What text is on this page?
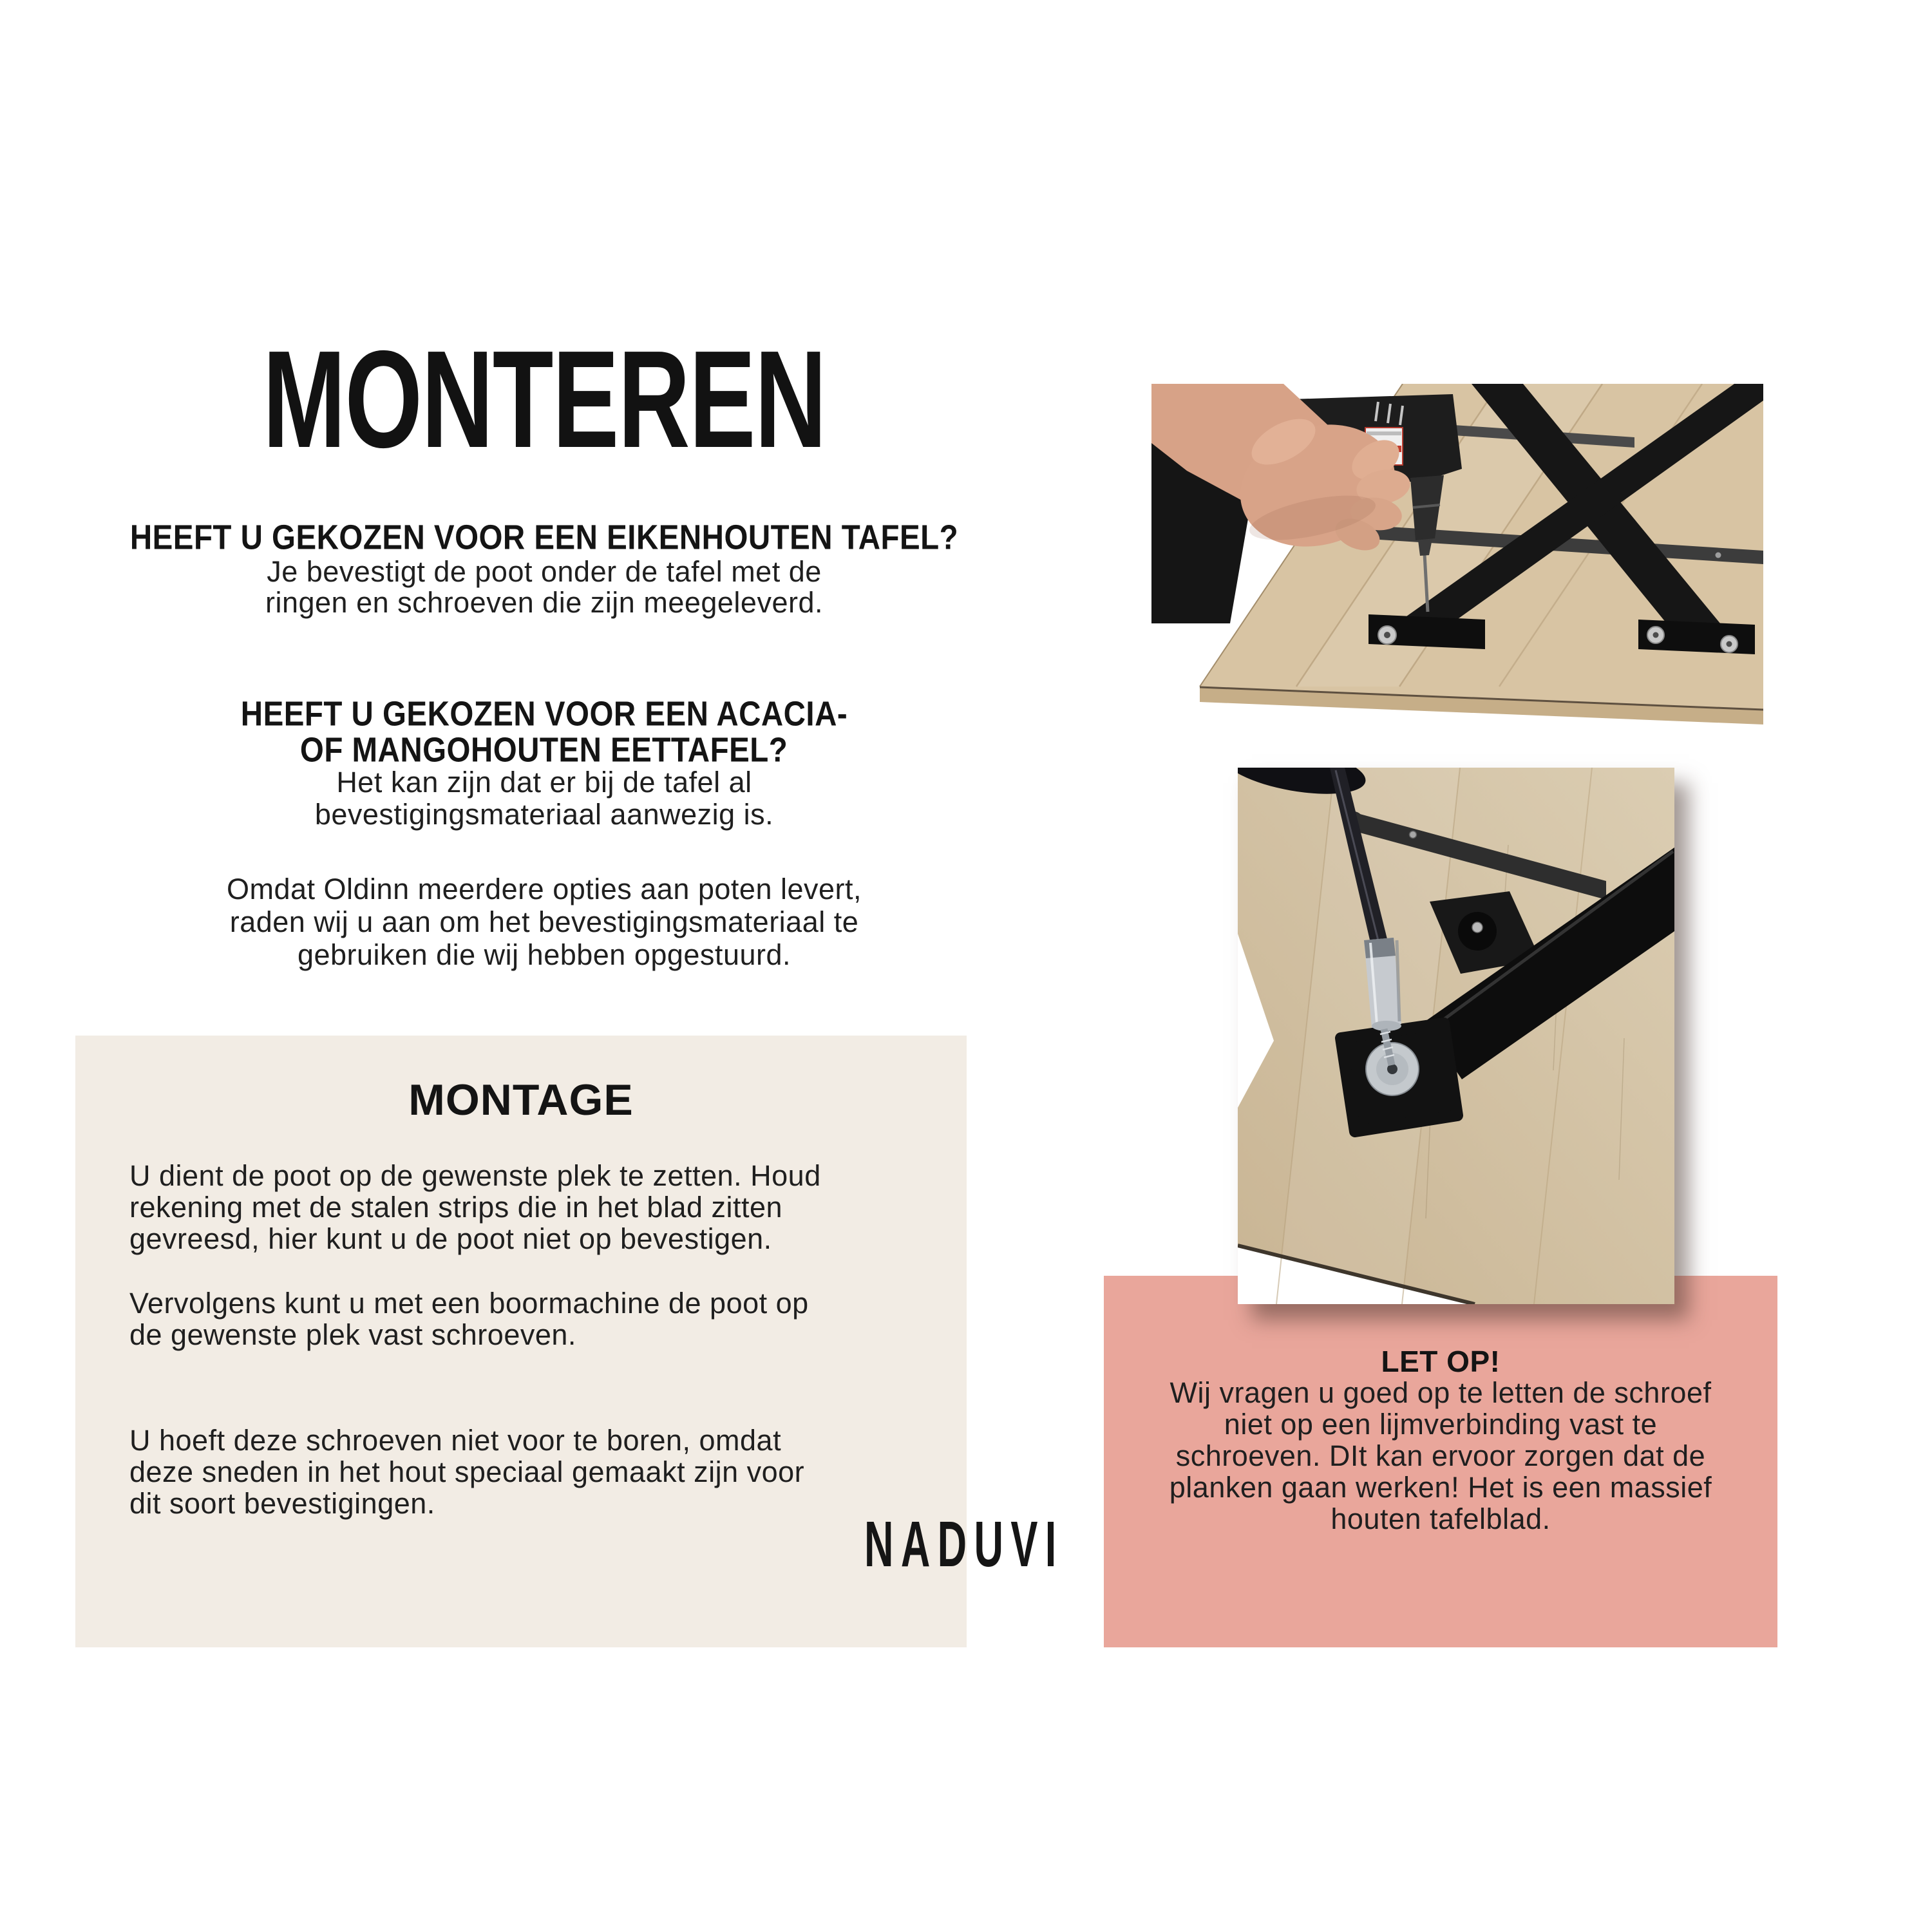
MONTEREN
HEEFT U GEKOZEN VOOR EEN EIKENHOUTEN TAFEL?
Je bevestigt de poot onder de tafel met de
ringen en schroeven die zijn meegeleverd.
HEEFT U GEKOZEN VOOR EEN ACACIA-
OF MANGOHOUTEN EETTAFEL?
Het kan zijn dat er bij de tafel al
bevestigingsmateriaal aanwezig is.
Omdat Oldinn meerdere opties aan poten levert,
raden wij u aan om het bevestigingsmateriaal te
gebruiken die wij hebben opgestuurd.
MONTAGE
U dient de poot op de gewenste plek te zetten. Houd
rekening met de stalen strips die in het blad zitten
gevreesd, hier kunt u de poot niet op bevestigen.
Vervolgens kunt u met een boormachine de poot op
de gewenste plek vast schroeven.
U hoeft deze schroeven niet voor te boren, omdat
deze sneden in het hout speciaal gemaakt zijn voor
dit soort bevestigingen.
NADUVI
LET OP!
Wij vragen u goed op te letten de schroef
niet op een lijmverbinding vast te
schroeven. DIt kan ervoor zorgen dat de
planken gaan werken! Het is een massief
houten tafelblad.
